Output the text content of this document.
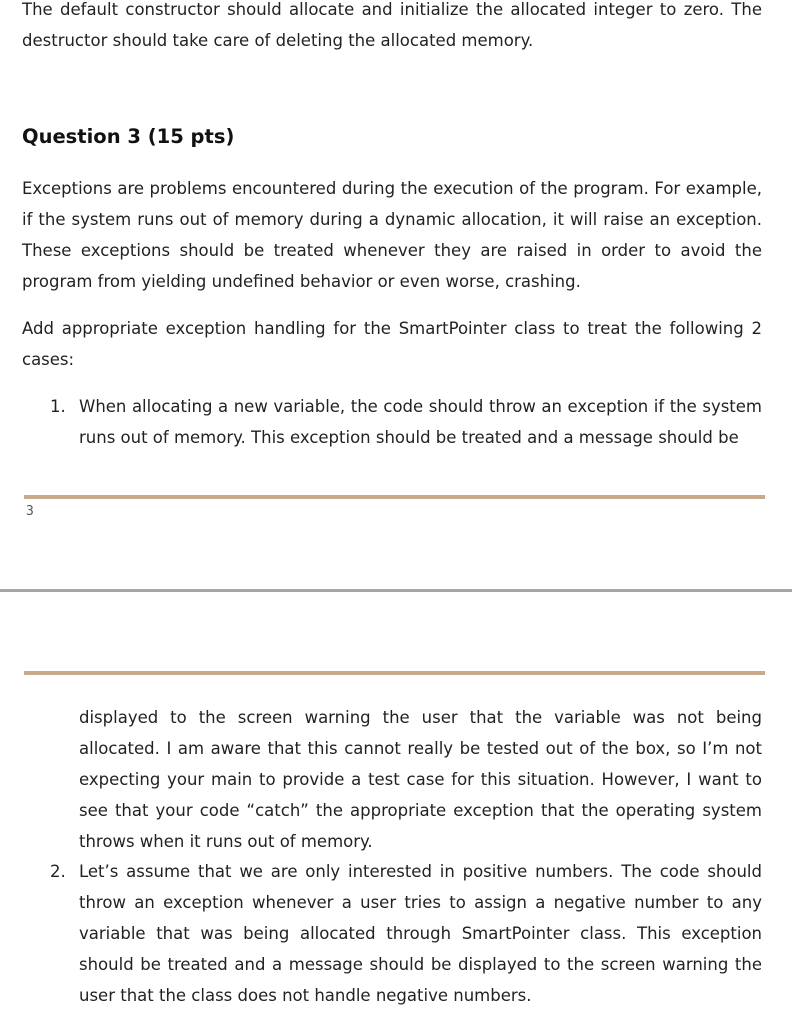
The default constructor should allocate and initialize the allocated integer to zero. The destructor should take care of deleting the allocated memory.

Question 3 (15 pts)

Exceptions are problems encountered during the execution of the program. For example, if the system runs out of memory during a dynamic allocation, it will raise an exception. These exceptions should be treated whenever they are raised in order to avoid the program from yielding undefined behavior or even worse, crashing.

Add appropriate exception handling for the SmartPointer class to treat the following 2 cases:

1. When allocating a new variable, the code should throw an exception if the system runs out of memory. This exception should be treated and a message should be
3
displayed to the screen warning the user that the variable was not being allocated. I am aware that this cannot really be tested out of the box, so I’m not expecting your main to provide a test case for this situation. However, I want to see that your code “catch” the appropriate exception that the operating system throws when it runs out of memory.
2. Let’s assume that we are only interested in positive numbers. The code should throw an exception whenever a user tries to assign a negative number to any variable that was being allocated through SmartPointer class. This exception should be treated and a message should be displayed to the screen warning the user that the class does not handle negative numbers.
